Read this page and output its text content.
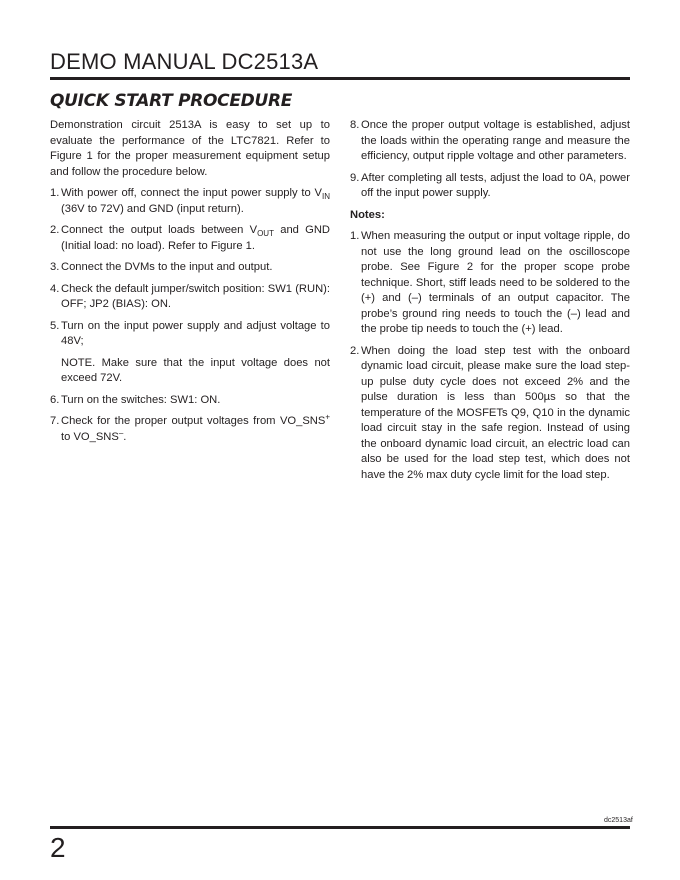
DEMO MANUAL DC2513A
QUICK START PROCEDURE

Demonstration circuit 2513A is easy to set up to evaluate the performance of the LTC7821. Refer to Figure 1 for the proper measurement equipment setup and follow the procedure below.

1. With power off, connect the input power supply to $V_{IN}$ (36V to 72V) and GND (input return).

2. Connect the output loads between $V_{OUT}$ and GND (Initial load: no load). Refer to Figure 1.

3. Connect the DVMs to the input and output.

4. Check the default jumper/switch position: SW1 (RUN): OFF; JP2 (BIAS): ON.

5. Turn on the input power supply and adjust voltage to 48V;

NOTE. Make sure that the input voltage does not exceed 72V.

6. Turn on the switches: SW1: ON.

7. Check for the proper output voltages from VO_SNS+ to VO_SNS–.

8. Once the proper output voltage is established, adjust the loads within the operating range and measure the efficiency, output ripple voltage and other parameters.

9. After completing all tests, adjust the load to 0A, power off the input power supply.

Notes:

1. When measuring the output or input voltage ripple, do not use the long ground lead on the oscilloscope probe. See Figure 2 for the proper scope probe technique. Short, stiff leads need to be soldered to the (+) and (–) terminals of an output capacitor. The probe’s ground ring needs to touch the (–) lead and the probe tip needs to touch the (+) lead.

2. When doing the load step test with the onboard dynamic load circuit, please make sure the load step-up pulse duty cycle does not exceed 2% and the pulse duration is less than 500µs so that the temperature of the MOSFETs Q9, Q10 in the dynamic load circuit stay in the safe region. Instead of using the onboard dynamic load circuit, an electric load can also be used for the load step test, which does not have the 2% max duty cycle limit for the load step.

dc2513af
2
